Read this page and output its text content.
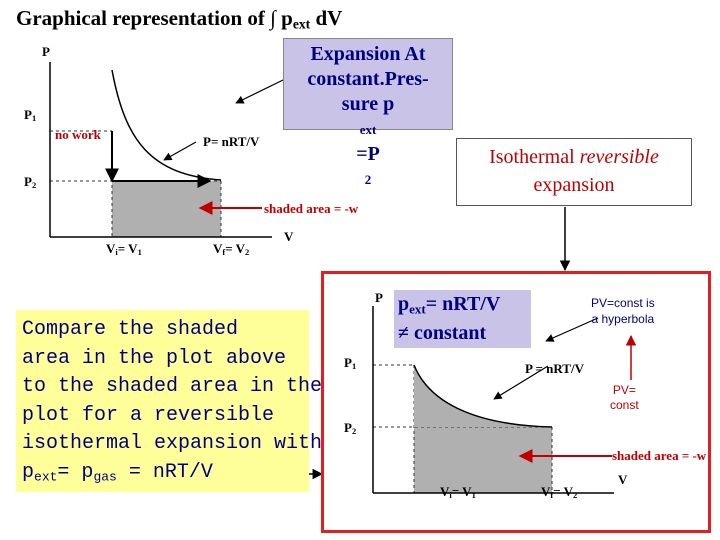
Graphical representation of ∫ $p_{ext}$ dV
P
$P_1$
$P_2$
no work	P= nRT/V
shaded area = -w
$V_i= V_1$	$V_f= V_2$
V
Expansion At
constant.Pres-
sure p
ext
=P
2
Isothermal reversible
expansion
Compare the shaded
area in the plot above
to the shaded area in the
plot for a reversible
isothermal expansion with
$p_{ext}= p_{gas} = nRT/V$
P $p_{ext}= nRT/V$
≠ constant
PV=const is
a hyperbola
$P_1$
$P_2$
P = nRT/V
PV=
const
shaded area = -w
$V_i= V_1$	$V_f= V_2$
V
